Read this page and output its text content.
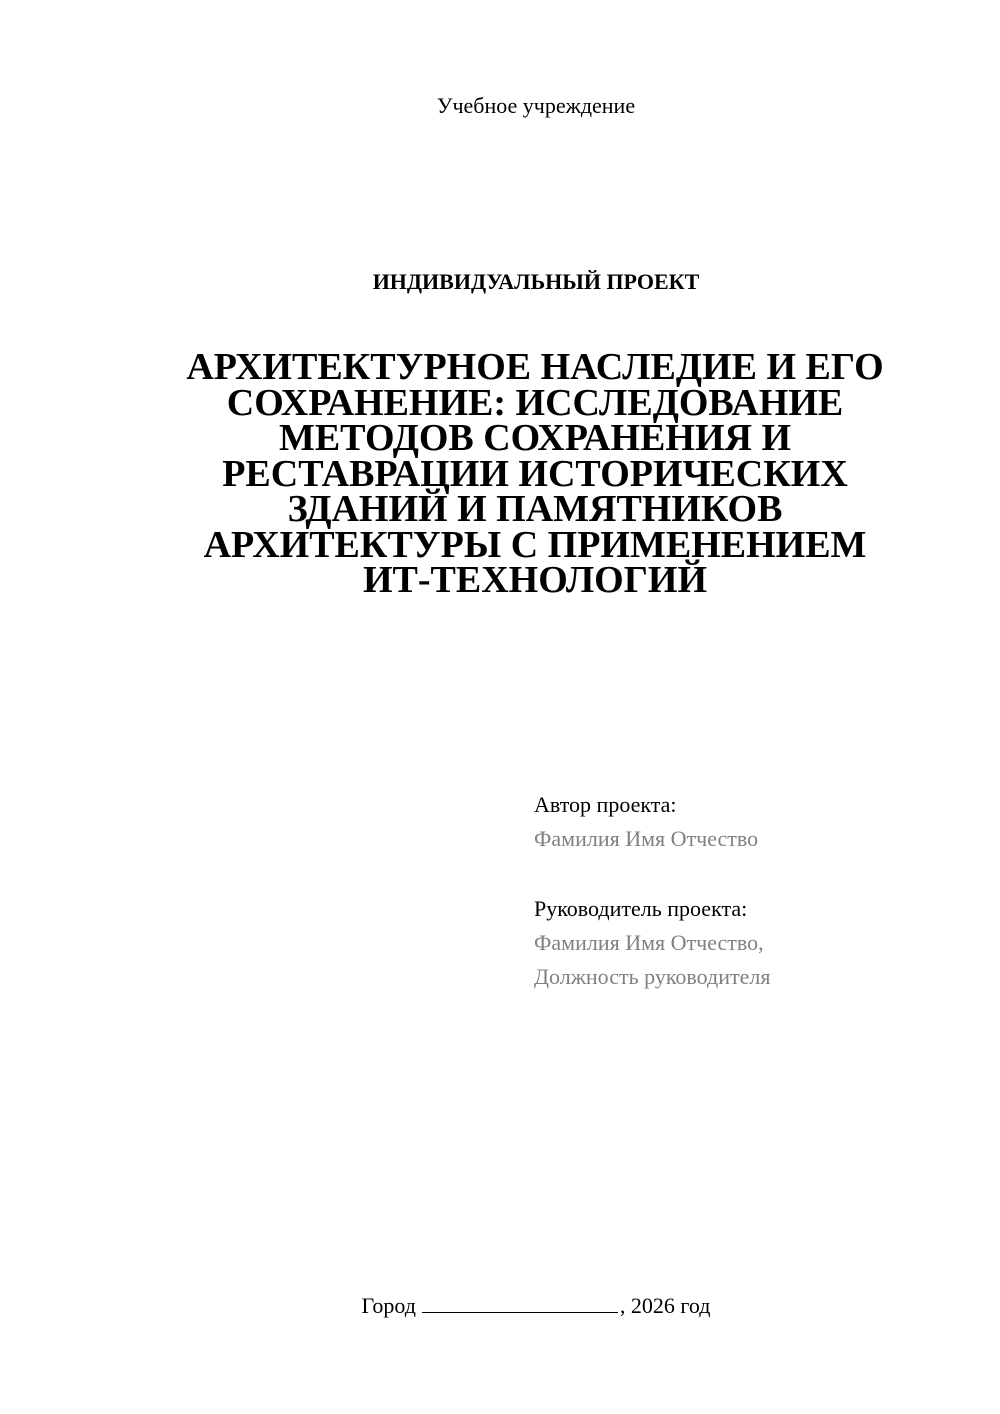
Учебное учреждение
ИНДИВИДУАЛЬНЫЙ ПРОЕКТ
АРХИТЕКТУРНОЕ НАСЛЕДИЕ И ЕГО
СОХРАНЕНИЕ: ИССЛЕДОВАНИЕ
МЕТОДОВ СОХРАНЕНИЯ И
РЕСТАВРАЦИИ ИСТОРИЧЕСКИХ
ЗДАНИЙ И ПАМЯТНИКОВ
АРХИТЕКТУРЫ С ПРИМЕНЕНИЕМ
ИТ-ТЕХНОЛОГИЙ
Автор проекта:
Фамилия Имя Отчество
Руководитель проекта:
Фамилия Имя Отчество,
Должность руководителя
Город	, 2026 год
